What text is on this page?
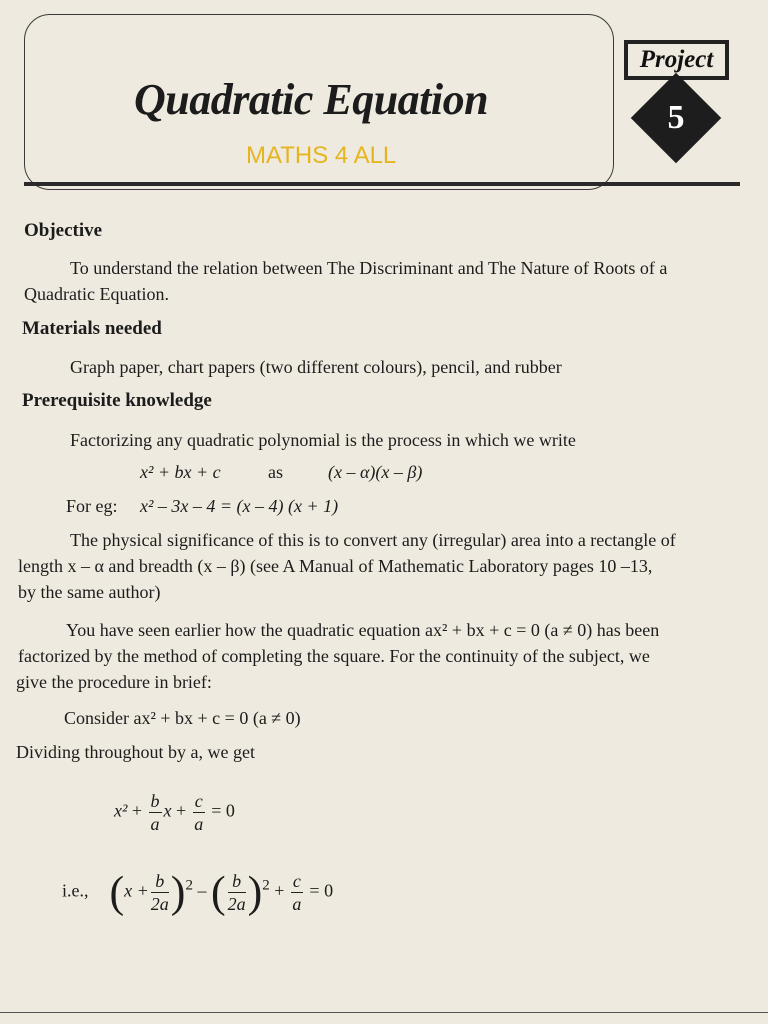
Quadratic Equation
MATHS 4 ALL
Project
5
Objective
To understand the relation between The Discriminant and The Nature of Roots of a
Quadratic Equation.
Materials needed
Graph paper, chart papers (two different colours), pencil, and rubber
Prerequisite knowledge
Factorizing any quadratic polynomial is the process in which we write
x² + bx + c	as	(x – α)(x – β)
For eg: x² – 3x – 4 = (x – 4) (x + 1)
The physical significance of this is to convert any (irregular) area into a rectangle of
length x – α and breadth (x – β) (see A Manual of Mathematic Laboratory pages 10 –13,
by the same author)
You have seen earlier how the quadratic equation ax² + bx + c = 0 (a ≠ 0) has been
factorized by the method of completing the square. For the continuity of the subject, we
give the procedure in brief:
Consider ax² + bx + c = 0 (a ≠ 0)
Dividing throughout by a, we get
$x^2 + \frac{b}{a}$ $x + \frac{c}{a} = 0$
i.e., $(x + \frac{b}{2a} )^2$ – ( $\frac{b}{2a} )^2 + \frac{c}{a} = 0$
